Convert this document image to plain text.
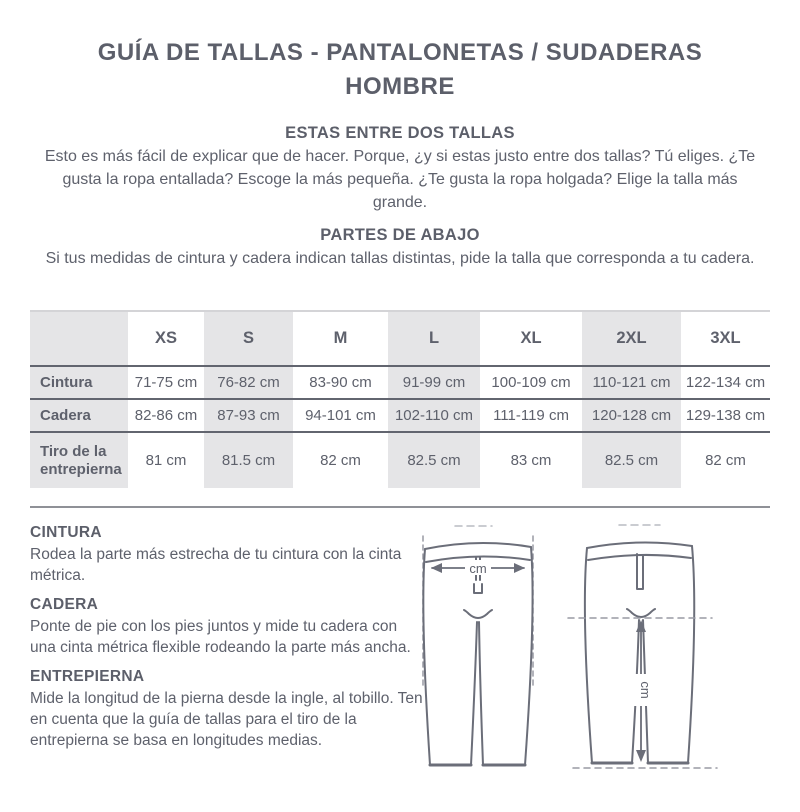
GUÍA DE TALLAS - PANTALONETAS / SUDADERAS
HOMBRE
ESTAS ENTRE DOS TALLAS

Esto es más fácil de explicar que de hacer. Porque, ¿y si estas justo entre dos tallas? Tú eliges. ¿Te gusta la ropa entallada? Escoge la más pequeña. ¿Te gusta la ropa holgada? Elige la talla más grande.

PARTES DE ABAJO

Si tus medidas de cintura y cadera indican tallas distintas, pide la talla que corresponda a tu cadera.

	XS	S	M	L	XL	2XL	3XL
Cintura	71-75 cm	76-82 cm	83-90 cm	91-99 cm	100-109 cm	110-121 cm	122-134 cm
Cadera	82-86 cm	87-93 cm	94-101 cm	102-110 cm	111-119 cm	120-128 cm	129-138 cm
Tiro de la entrepierna	81 cm	81.5 cm	82 cm	82.5 cm	83 cm	82.5 cm	82 cm
CINTURA

Rodea la parte más estrecha de tu cintura con la cinta métrica.

CADERA

Ponte de pie con los pies juntos y mide tu cadera con una cinta métrica flexible rodeando la parte más ancha.

ENTREPIERNA

Mide la longitud de la pierna desde la ingle, al tobillo. Ten en cuenta que la guía de tallas para el tiro de la entrepierna se basa en longitudes medias.

cm
cm
